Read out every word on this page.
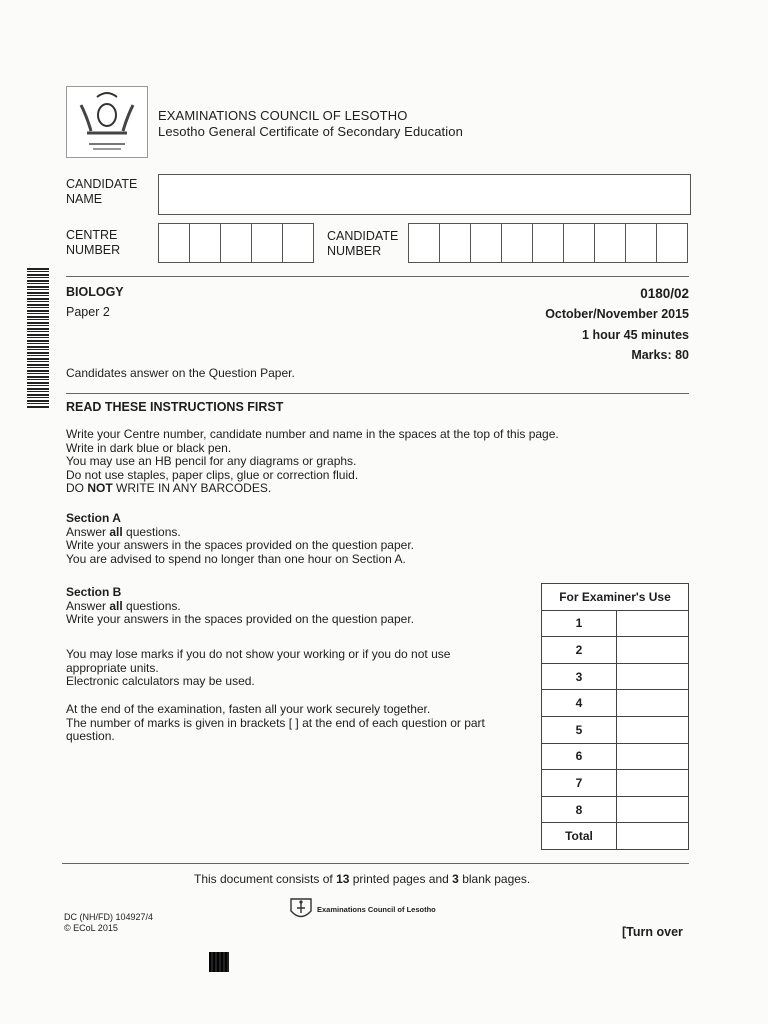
EXAMINATIONS COUNCIL OF LESOTHO
Lesotho General Certificate of Secondary Education
CANDIDATE
NAME
CENTRE
NUMBER
CANDIDATE
NUMBER
BIOLOGY
Paper 2
0180/02
October/November 2015
1 hour 45 minutes
Marks: 80
Candidates answer on the Question Paper.
READ THESE INSTRUCTIONS FIRST
Write your Centre number, candidate number and name in the spaces at the top of this page.
Write in dark blue or black pen.
You may use an HB pencil for any diagrams or graphs.
Do not use staples, paper clips, glue or correction fluid.
DO NOT WRITE IN ANY BARCODES.
Section A
Answer all questions.
Write your answers in the spaces provided on the question paper.
You are advised to spend no longer than one hour on Section A.
Section B
Answer all questions.
Write your answers in the spaces provided on the question paper.
You may lose marks if you do not show your working or if you do not use
appropriate units.
Electronic calculators may be used.
At the end of the examination, fasten all your work securely together.
The number of marks is given in brackets [ ] at the end of each question or part
question.
For Examiner's Use	
1	
2	
3	
4	
5	
6	
7	
8	
Total	
This document consists of 13 printed pages and 3 blank pages.
Examinations Council of Lesotho
DC (NH/FD) 104927/4
© ECoL 2015	[Turn over
